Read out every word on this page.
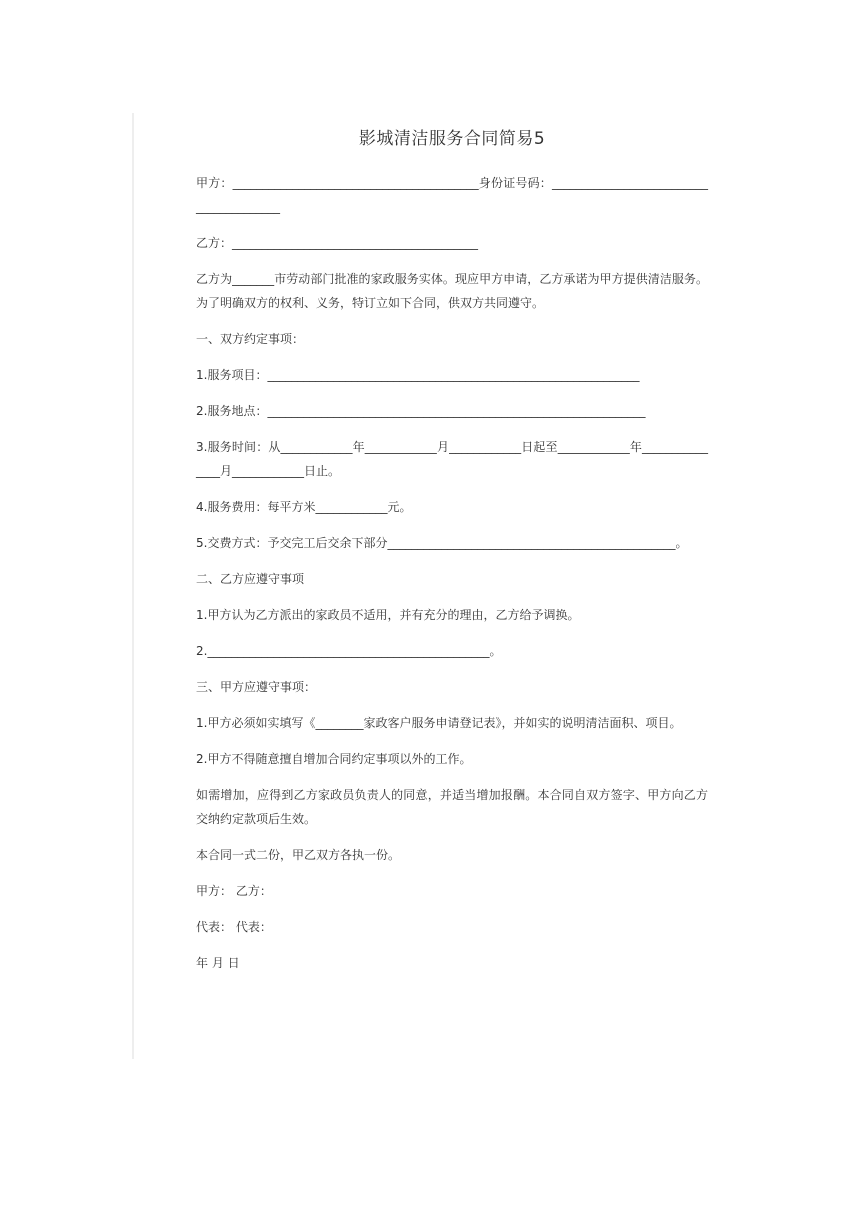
影城清洁服务合同简易5

甲方：_________________________________________身份证号码：________________________________________

乙方：_________________________________________

乙方为_______市劳动部门批准的家政服务实体。现应甲方申请，乙方承诺为甲方提供清洁服务。为了明确双方的权利、义务，特订立如下合同，供双方共同遵守。

一、双方约定事项：

1.服务项目：______________________________________________________________

2.服务地点：_______________________________________________________________

3.服务时间：从____________年____________月____________日起至____________年_______________月____________日止。

4.服务费用：每平方米____________元。

5.交费方式：予交完工后交余下部分________________________________________________。

二、乙方应遵守事项

1.甲方认为乙方派出的家政员不适用，并有充分的理由，乙方给予调换。

2._______________________________________________。

三、甲方应遵守事项：

1.甲方必须如实填写《________家政客户服务申请登记表》，并如实的说明清洁面积、项目。

2.甲方不得随意擅自增加合同约定事项以外的工作。

如需增加，应得到乙方家政员负责人的同意，并适当增加报酬。本合同自双方签字、甲方向乙方交纳约定款项后生效。

本合同一式二份，甲乙双方各执一份。

甲方： 乙方：

代表： 代表：

年 月 日
